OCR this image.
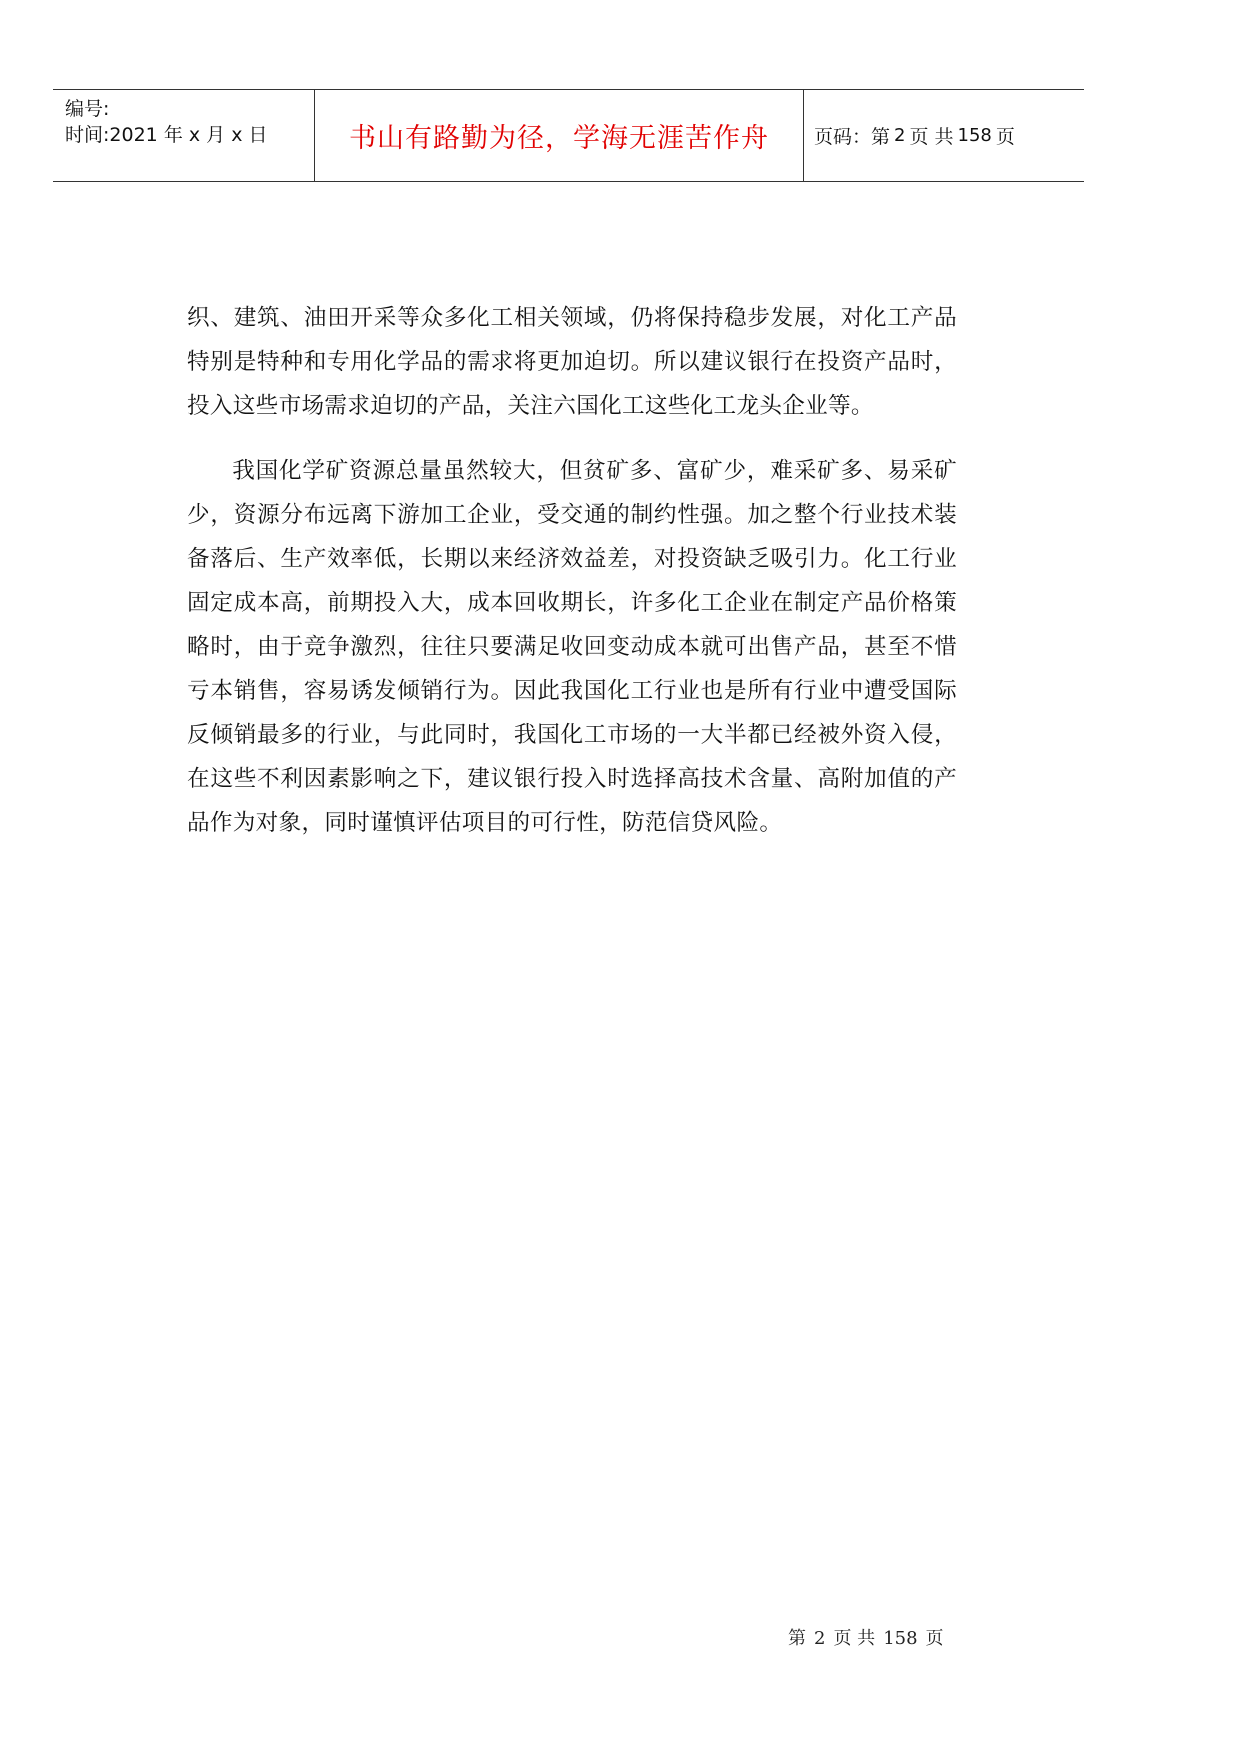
编号:
时间:2021 年 x 月 x 日	书山有路勤为径，学海无涯苦作舟 页码：第 2 页 共 158 页

织、建筑、油田开采等众多化工相关领域，仍将保持稳步发展，对化工产品特别是特种和专用化学品的需求将更加迫切。所以建议银行在投资产品时，投入这些市场需求迫切的产品，关注六国化工这些化工龙头企业等。

我国化学矿资源总量虽然较大，但贫矿多、富矿少，难采矿多、易采矿少，资源分布远离下游加工企业，受交通的制约性强。加之整个行业技术装备落后、生产效率低，长期以来经济效益差，对投资缺乏吸引力。化工行业固定成本高，前期投入大，成本回收期长，许多化工企业在制定产品价格策略时，由于竞争激烈，往往只要满足收回变动成本就可出售产品，甚至不惜亏本销售，容易诱发倾销行为。因此我国化工行业也是所有行业中遭受国际反倾销最多的行业，与此同时，我国化工市场的一大半都已经被外资入侵，在这些不利因素影响之下，建议银行投入时选择高技术含量、高附加值的产品作为对象，同时谨慎评估项目的可行性，防范信贷风险。

第 2 页 共 158 页
